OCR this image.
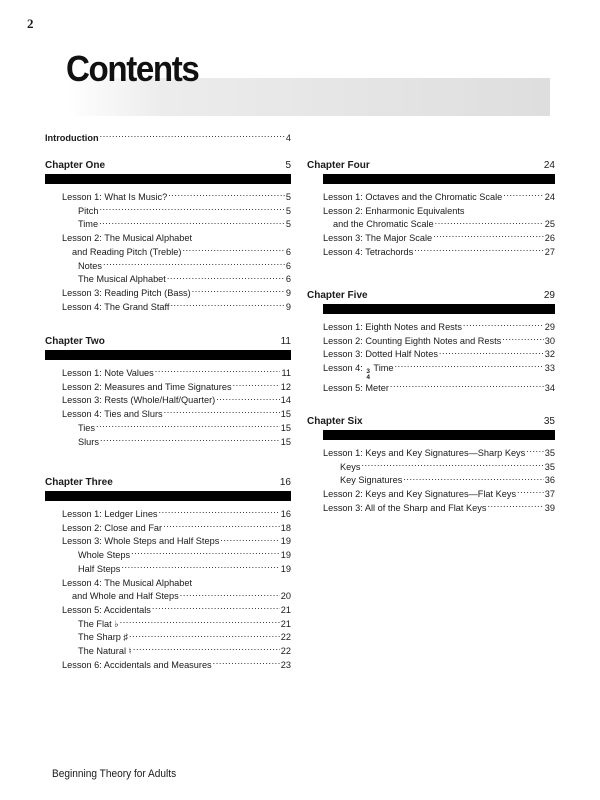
2
Contents
Introduction .....	4
Chapter One	5
Lesson 1: What Is Music? .....	5
Pitch .....	5
Time .....	5
Lesson 2: The Musical Alphabet
and Reading Pitch (Treble) .....	6
Notes .....	6
The Musical Alphabet .....	6
Lesson 3: Reading Pitch (Bass) .....	9
Lesson 4: The Grand Staff .....	9
Chapter Two	11
Lesson 1: Note Values .....	11
Lesson 2: Measures and Time Signatures .....	12
Lesson 3: Rests (Whole/Half/Quarter) .....	14
Lesson 4: Ties and Slurs .....	15
Ties .....	15
Slurs .....	15
Chapter Three	16
Lesson 1: Ledger Lines .....	16
Lesson 2: Close and Far .....	18
Lesson 3: Whole Steps and Half Steps .....	19
Whole Steps .....	19
Half Steps .....	19
Lesson 4: The Musical Alphabet
and Whole and Half Steps .....	20
Lesson 5: Accidentals .....	21
The Flat ♭ .....	21
The Sharp ♯ .....	22
The Natural ♮ .....	22
Lesson 6: Accidentals and Measures .....	23
Chapter Four	24
Lesson 1: Octaves and the Chromatic Scale .....	24
Lesson 2: Enharmonic Equivalents
and the Chromatic Scale .....	25
Lesson 3: The Major Scale .....	26
Lesson 4: Tetrachords .....	27
Chapter Five	29
Lesson 1: Eighth Notes and Rests .....	29
Lesson 2: Counting Eighth Notes and Rests .....	30
Lesson 3: Dotted Half Notes .....	32
Lesson 4: 3
4
Time .....	33
Lesson 5: Meter .....	34
Chapter Six	35
Lesson 1: Keys and Key Signatures—Sharp Keys ..... 35
Keys .....	35
Key Signatures .....	36
Lesson 2: Keys and Key Signatures—Flat Keys .....	37
Lesson 3: All of the Sharp and Flat Keys .....	39
Beginning Theory for Adults
